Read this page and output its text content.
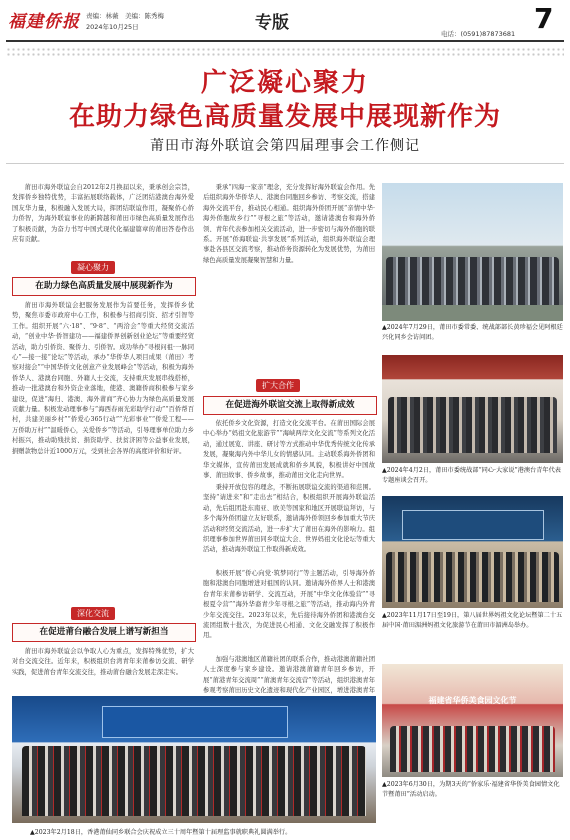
福建侨报 责编：林薇　美编：陈秀梅
2024年10月25日	专版
电话：(0591)87873681 7
广泛凝心聚力
在助力绿色高质量发展中展现新作为
莆田市海外联谊会第四届理事会工作侧记

莆田市海外联谊会自2012年2月换届以来，秉承创会宗旨，发挥侨乡独特优势，丰富拓展联络载体，广泛团结港澳台海外爱国友华力量，积极融入发展大局，挥团结联谊作用，凝聚侨心侨力侨智，为海外联谊事业的新跨越和莆田市绿色高质量发展作出了积极贡献，为奋力书写中国式现代化福建篇章的莆田答卷作出应有贡献。

凝心聚力
在助力绿色高质量发展中展现新作为

莆田市海外联谊会把服务发展作为首要任务，发挥侨乡优势，聚焦市委市政府中心工作，积极参与招商引资、招才引智等工作。组织开展“六·18”、“9·8”、“两洽会”等重大经贸交流活动，“创业中华·侨智建功——福建侨界创新创业论坛”等重要经贸活动，助力引侨资、聚侨力、引侨智。成功举办“寻根问祖·一脉同心”—接一接“论坛”等活动，承办“华侨华人项目成果（莆田）考察对接会”“中国华侨文化创意产业发展峰会”等活动，积极为海外侨华人、港澳台同胞、外籍人士交流，支持重庆发展串线搭桥，推动一批港澳台和外资企业落地，使港、澳籍侨商积极参与家乡建设，促进“海归、港澳、海外莆商”齐心协力为绿色高质量发展贡献力量。积极发动理事参与“海西春雨光彩助学行动”“百侨帮百村，共建美丽乡村”“侨爱心365行动”“光彩事业”“侨爱工程——万侨助万村”“温暖侨心，关爱侨乡”等活动，引导理事单位助力乡村振兴，推动助残扶贫、捐资助学、扶贫济困等公益事业发展，捐赠款物总计近1000万元，受到社会各界的高度评价和好评。

深化交流
在促进莆台融合发展上谱写新担当

莆田市海外联谊会以争取人心为重点，发挥特殊优势，扩大对台交流交往。近年来，积极组织台湾青年来莆参访交流、研学实践，促进莆台青年交流交往，推动莆台融合发展走深走实。

秉承“四海一家亲”理念，充分发挥好海外联谊会作用。先后组织海外华侨华人、港澳台同胞回乡参访、考察交流，搭建海外交流平台，推动民心相通。组织海外侨团开展“亲情中华·海外侨胞故乡行”“寻根之旅”等活动，邀请港澳台和海外侨领、青年代表参加相关交流活动，进一步密切与海外侨胞的联系。开展“侨海联谊·共享发展”系列活动，组织海外联谊会理事赴各县区交流考察，推动侨务资源转化为发展优势，为莆田绿色高质量发展凝聚智慧和力量。

扩大合作
在促进海外联谊交流上取得新成效

依托侨乡文化资源，打造文化交流平台。在莆田国际会展中心举办“妈祖文化旅游节”“海峡两岸文化交流”等系列文化活动，通过展览、讲座、研讨等方式推动中华优秀传统文化传承发展，凝聚海内外中华儿女的情感认同。主动联系海外侨团和华文媒体，宣传莆田发展成就和侨乡风貌，积极讲好中国故事、莆田故事、侨乡故事，推动莆田文化走向世界。

秉持开放包容的理念，不断拓展联谊交流的渠道和范围。坚持“请进来”和“走出去”相结合，积极组织开展海外联谊活动，先后组团赴东南亚、欧美等国家和地区开展联谊拜访，与多个海外侨团建立友好联系，邀请海外侨领回乡参加重大节庆活动和经贸交流活动，进一步扩大了莆田在海外的影响力。组织理事参加世界莆田同乡联谊大会、世界妈祖文化论坛等重大活动，推动海外联谊工作取得新成效。

积极开展“侨心向党·筑梦同行”等主题活动，引导海外侨胞和港澳台同胞增进对祖国的认同。邀请海外侨界人士和港澳台青年来莆参访研学、交流互动，开展“中华文化体验营”“寻根夏令营”“海外华裔青少年寻根之旅”等活动，推动海内外青少年交流交往。2023年以来，先后接待海外侨团和港澳台交流团组数十批次，为促进民心相通、文化交融发挥了积极作用。

加强与港澳地区莆籍社团的联系合作，推动港澳莆籍社团人士深度参与家乡建设。邀请港澳莆籍青年回乡参访，开展“莆港青年交流周”“莆澳青年交流营”等活动，组织港澳青年参观考察莆田历史文化遗迹和现代化产业园区，增进港澳青年

▲2024年7月29日，莆田市委常委、统战部部长黄珍福会见阿根廷兴化同乡会访问团。

▲2024年4月2日，莆田市委统战部“同心·大家说”港澳台青年代表专题座谈会召开。

▲2023年11月17日至19日，第八届世界妈祖文化论坛暨第二十五届中国·莆田湄洲妈祖文化旅游节在莆田市湄洲岛举办。

福建省华侨美食园文化节

▲2023年6月30日，为期3天的“侨家乐·福建省华侨美食园情文化节暨莆田”活动启动。

▲2023年2月18日，香港莆仙同乡联合会庆祝成立三十周年暨第十届理监事就职典礼圆满举行。
